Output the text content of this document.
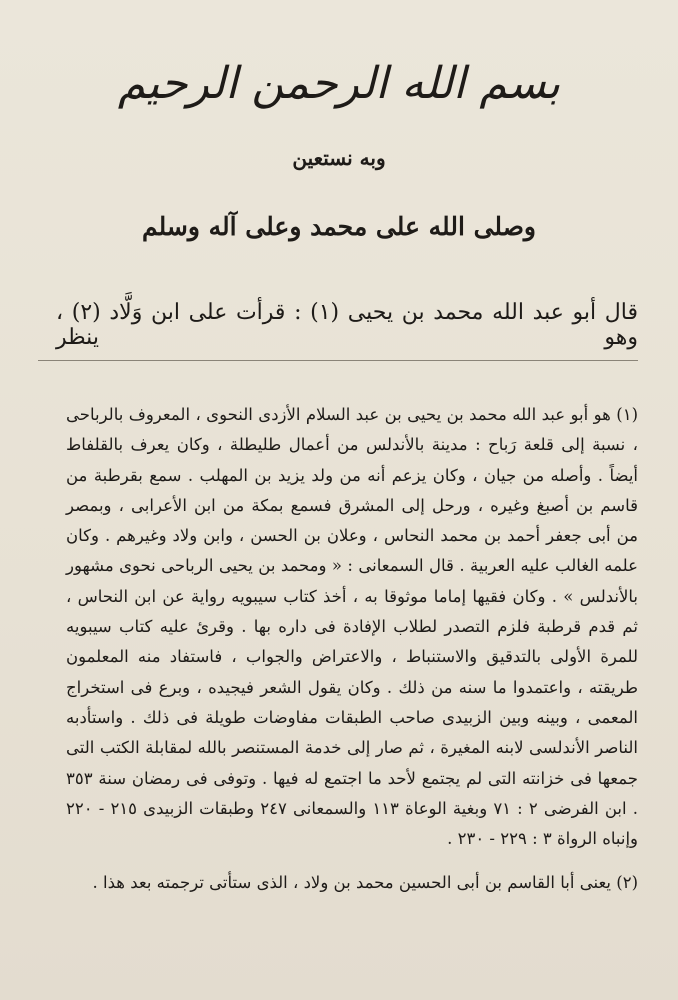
بسم الله الرحمن الرحيم
وبه نستعين
وصلى الله على محمد وعلى آله وسلم
قال أبو عبد الله محمد بن يحيى (١) : قرأت على ابن وَلَّاد (٢) ، وهو ينظر

(١) هو أبو عبد الله محمد بن يحيى بن عبد السلام الأزدى النحوى ، المعروف بالرباحى ، نسبة إلى قلعة رَباح : مدينة بالأندلس من أعمال طليطلة ، وكان يعرف بالقلفاط أيضاً . وأصله من جيان ، وكان يزعم أنه من ولد يزيد بن المهلب . سمع بقرطبة من قاسم بن أصبغ وغيره ، ورحل إلى المشرق فسمع بمكة من ابن الأعرابى ، وبمصر من أبى جعفر أحمد بن محمد النحاس ، وعلان بن الحسن ، وابن ولاد وغيرهم . وكان علمه الغالب عليه العربية . قال السمعانى : « ومحمد بن يحيى الرباحى نحوى مشهور بالأندلس » . وكان فقيها إماما موثوقا به ، أخذ كتاب سيبويه رواية عن ابن النحاس ، ثم قدم قرطبة فلزم التصدر لطلاب الإفادة فى داره بها . وقرئ عليه كتاب سيبويه للمرة الأولى بالتدقيق والاستنباط ، والاعتراض والجواب ، فاستفاد منه المعلمون طريقته ، واعتمدوا ما سنه من ذلك . وكان يقول الشعر فيجيده ، وبرع فى استخراج المعمى ، وبينه وبين الزبيدى صاحب الطبقات مفاوضات طويلة فى ذلك . واستأدبه الناصر الأندلسى لابنه المغيرة ، ثم صار إلى خدمة المستنصر بالله لمقابلة الكتب التى جمعها فى خزانته التى لم يجتمع لأحد ما اجتمع له فيها . وتوفى فى رمضان سنة ٣٥٣ . ابن الفرضى ٢ : ٧١ وبغية الوعاة ١١٣ والسمعانى ٢٤٧ وطبقات الزبيدى ٢١٥ - ٢٢٠ وإنباه الرواة ٣ : ٢٢٩ - ٢٣٠ .

(٢) يعنى أبا القاسم بن أبى الحسين محمد بن ولاد ، الذى ستأتى ترجمته بعد هذا .
